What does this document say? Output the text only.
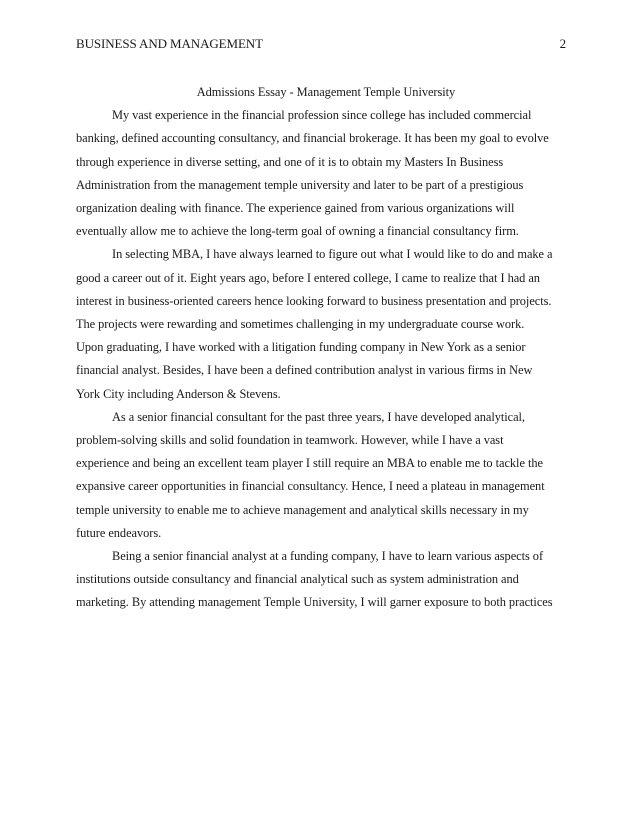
BUSINESS AND MANAGEMENT	2
Admissions Essay - Management Temple University
My vast experience in the financial profession since college has included commercial
banking, defined accounting consultancy, and financial brokerage. It has been my goal to evolve
through experience in diverse setting, and one of it is to obtain my Masters In Business
Administration from the management temple university and later to be part of a prestigious
organization dealing with finance. The experience gained from various organizations will
eventually allow me to achieve the long-term goal of owning a financial consultancy firm.
In selecting MBA, I have always learned to figure out what I would like to do and make a
good a career out of it. Eight years ago, before I entered college, I came to realize that I had an
interest in business-oriented careers hence looking forward to business presentation and projects.
The projects were rewarding and sometimes challenging in my undergraduate course work.
Upon graduating, I have worked with a litigation funding company in New York as a senior
financial analyst. Besides, I have been a defined contribution analyst in various firms in New
York City including Anderson & Stevens.
As a senior financial consultant for the past three years, I have developed analytical,
problem-solving skills and solid foundation in teamwork. However, while I have a vast
experience and being an excellent team player I still require an MBA to enable me to tackle the
expansive career opportunities in financial consultancy. Hence, I need a plateau in management
temple university to enable me to achieve management and analytical skills necessary in my
future endeavors.
Being a senior financial analyst at a funding company, I have to learn various aspects of
institutions outside consultancy and financial analytical such as system administration and
marketing. By attending management Temple University, I will garner exposure to both practices
